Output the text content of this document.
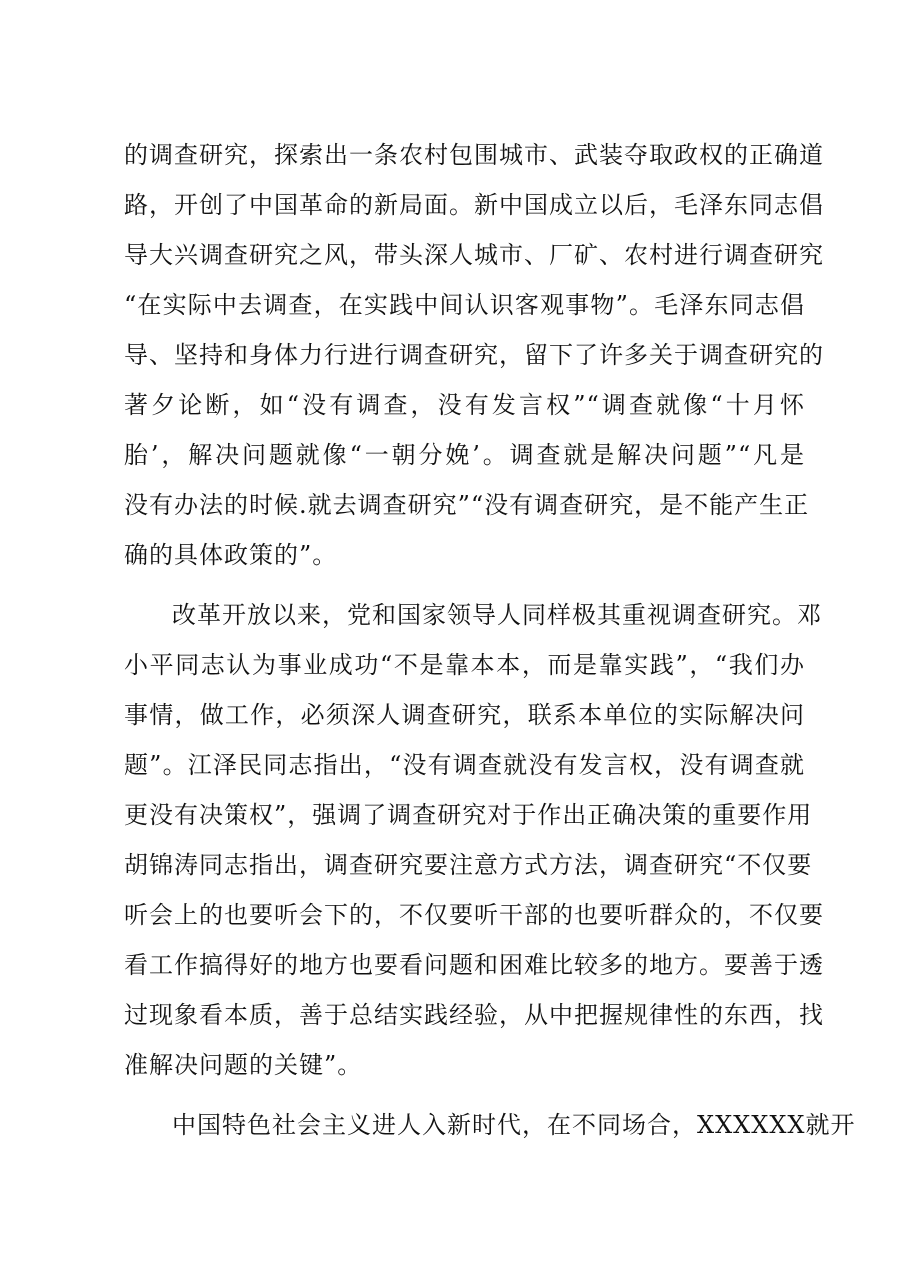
的调查研究，探索出一条农村包围城市、武装夺取政权的正确道
路，开创了中国革命的新局面。新中国成立以后，毛泽东同志倡
导大兴调查研究之风，带头深人城市、厂矿、农村进行调查研究
“在实际中去调查，在实践中间认识客观事物”。毛泽东同志倡
导、坚持和身体力行进行调查研究，留下了许多关于调查研究的
著夕论断，如“没有调查，没有发言权”“调查就像“十月怀
胎’，解决问题就像“一朝分娩’。调查就是解决问题”“凡是
没有办法的时候.就去调查研究”“没有调查研究，是不能产生正
确的具体政策的”。
改革开放以来，党和国家领导人同样极其重视调查研究。邓
小平同志认为事业成功“不是靠本本，而是靠实践”，“我们办
事情，做工作，必须深人调查研究，联系本单位的实际解决问
题”。江泽民同志指出，“没有调查就没有发言权，没有调查就
更没有决策权”，强调了调查研究对于作出正确决策的重要作用
胡锦涛同志指出，调查研究要注意方式方法，调查研究“不仅要
听会上的也要听会下的，不仅要听干部的也要听群众的，不仅要
看工作搞得好的地方也要看问题和困难比较多的地方。要善于透
过现象看本质，善于总结实践经验，从中把握规律性的东西，找
准解决问题的关键”。
中国特色社会主义进人入新时代，在不同场合，XXXXXX就开
